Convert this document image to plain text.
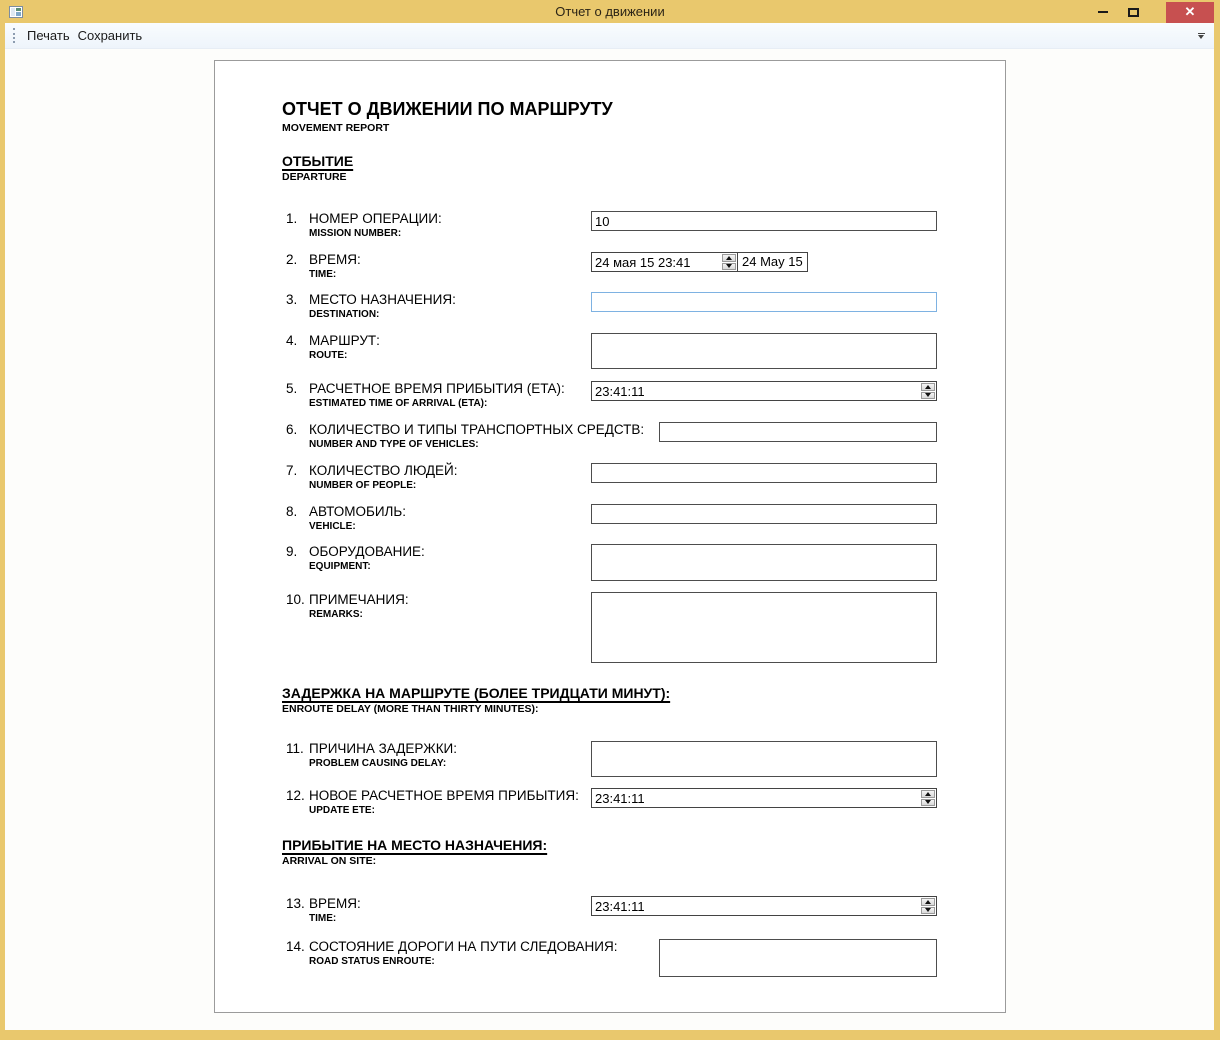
Отчет о движении	✕
Печать Сохранить
ОТЧЕТ О ДВИЖЕНИИ ПО МАРШРУТУ
MOVEMENT REPORT
ОТБЫТИЕ
DEPARTURE
1. НОМЕР ОПЕРАЦИИ:
MISSION NUMBER:
10
2. ВРЕМЯ:
TIME:
24 мая 15 23:41
24 May 15
3. МЕСТО НАЗНАЧЕНИЯ:
DESTINATION:
4. МАРШРУТ:
ROUTE:
5. РАСЧЕТНОЕ ВРЕМЯ ПРИБЫТИЯ (ETA):
ESTIMATED TIME OF ARRIVAL (ETA):
23:41:11
6. КОЛИЧЕСТВО И ТИПЫ ТРАНСПОРТНЫХ СРЕДСТВ:
NUMBER AND TYPE OF VEHICLES:
7. КОЛИЧЕСТВО ЛЮДЕЙ:
NUMBER OF PEOPLE:
8. АВТОМОБИЛЬ:
VEHICLE:
9. ОБОРУДОВАНИЕ:
EQUIPMENT:
10. ПРИМЕЧАНИЯ:
REMARKS:
ЗАДЕРЖКА НА МАРШРУТЕ (БОЛЕЕ ТРИДЦАТИ МИНУТ):
ENROUTE DELAY (MORE THAN THIRTY MINUTES):
11. ПРИЧИНА ЗАДЕРЖКИ:
PROBLEM CAUSING DELAY:
12. НОВОЕ РАСЧЕТНОЕ ВРЕМЯ ПРИБЫТИЯ:
UPDATE ETE:
23:41:11
ПРИБЫТИЕ НА МЕСТО НАЗНАЧЕНИЯ:
ARRIVAL ON SITE:
13. ВРЕМЯ:
TIME:
23:41:11
14. СОСТОЯНИЕ ДОРОГИ НА ПУТИ СЛЕДОВАНИЯ:
ROAD STATUS ENROUTE:
